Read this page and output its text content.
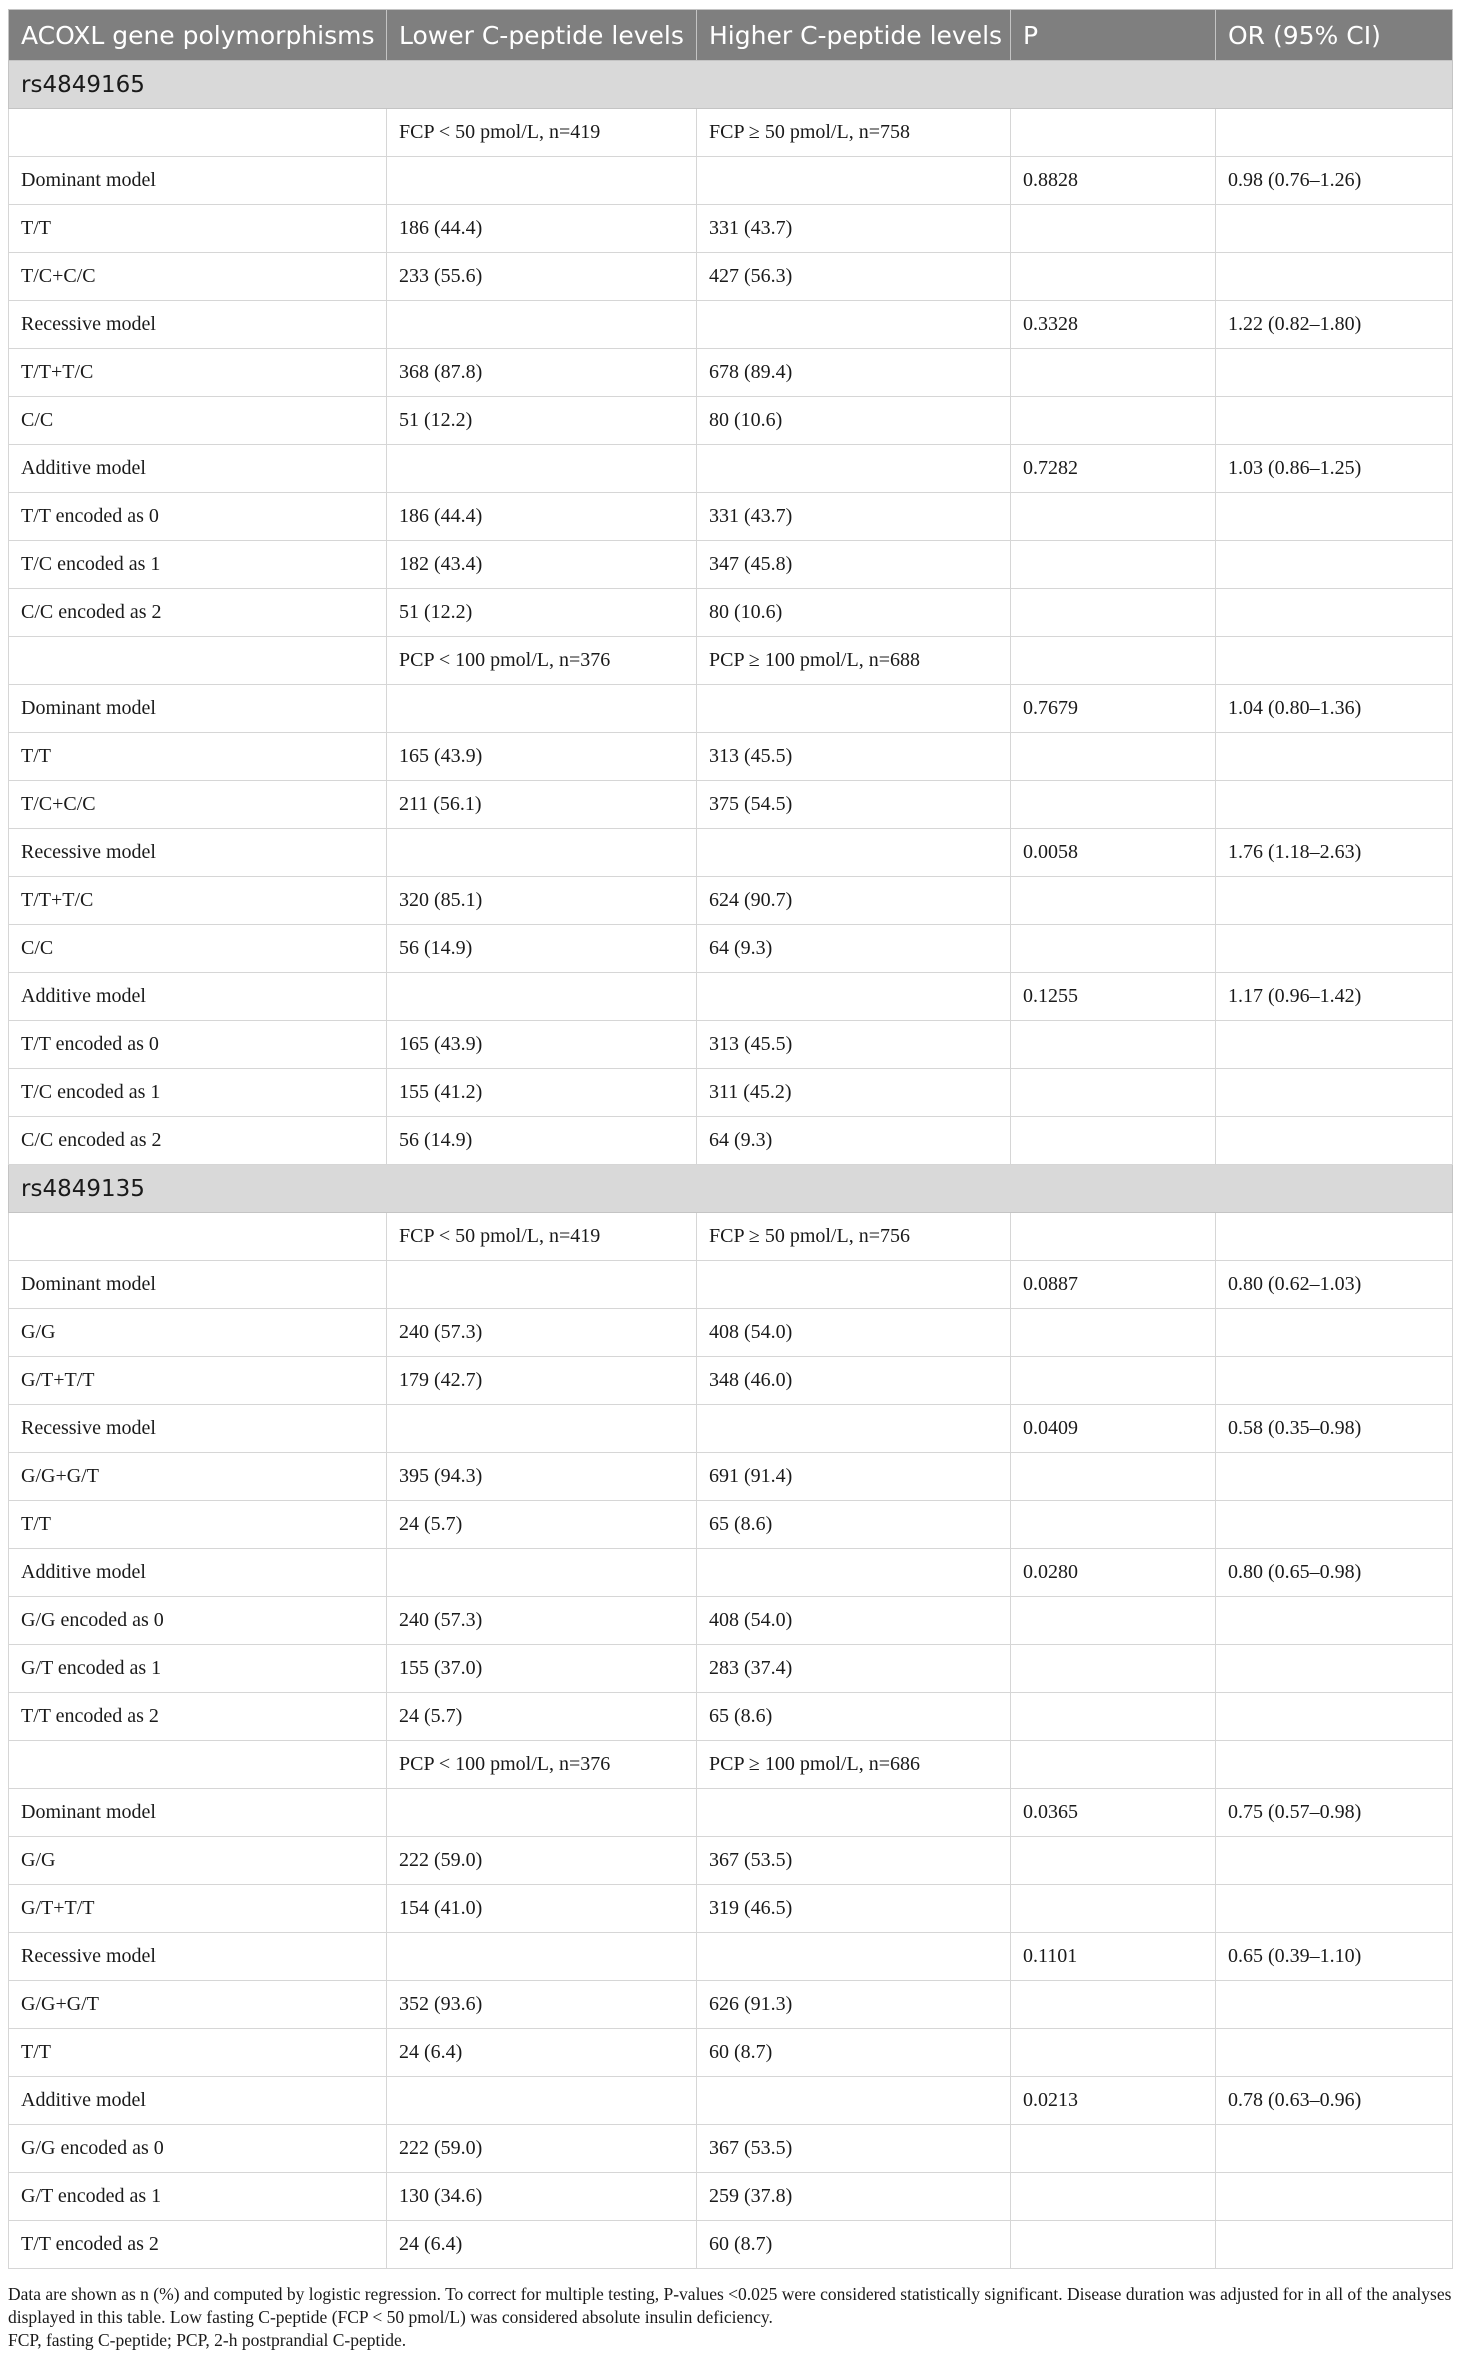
ACOXL gene polymorphisms	Lower C-peptide levels	Higher C-peptide levels	P	OR (95% CI)
rs4849165				
	FCP < 50 pmol/L, n=419	FCP ≥ 50 pmol/L, n=758		
Dominant model			0.8828	0.98 (0.76–1.26)
T/T	186 (44.4)	331 (43.7)		
T/C+C/C	233 (55.6)	427 (56.3)		
Recessive model			0.3328	1.22 (0.82–1.80)
T/T+T/C	368 (87.8)	678 (89.4)		
C/C	51 (12.2)	80 (10.6)		
Additive model			0.7282	1.03 (0.86–1.25)
T/T encoded as 0	186 (44.4)	331 (43.7)		
T/C encoded as 1	182 (43.4)	347 (45.8)		
C/C encoded as 2	51 (12.2)	80 (10.6)		
	PCP < 100 pmol/L, n=376	PCP ≥ 100 pmol/L, n=688		
Dominant model			0.7679	1.04 (0.80–1.36)
T/T	165 (43.9)	313 (45.5)		
T/C+C/C	211 (56.1)	375 (54.5)		
Recessive model			0.0058	1.76 (1.18–2.63)
T/T+T/C	320 (85.1)	624 (90.7)		
C/C	56 (14.9)	64 (9.3)		
Additive model			0.1255	1.17 (0.96–1.42)
T/T encoded as 0	165 (43.9)	313 (45.5)		
T/C encoded as 1	155 (41.2)	311 (45.2)		
C/C encoded as 2	56 (14.9)	64 (9.3)		
rs4849135				
	FCP < 50 pmol/L, n=419	FCP ≥ 50 pmol/L, n=756		
Dominant model			0.0887	0.80 (0.62–1.03)
G/G	240 (57.3)	408 (54.0)		
G/T+T/T	179 (42.7)	348 (46.0)		
Recessive model			0.0409	0.58 (0.35–0.98)
G/G+G/T	395 (94.3)	691 (91.4)		
T/T	24 (5.7)	65 (8.6)		
Additive model			0.0280	0.80 (0.65–0.98)
G/G encoded as 0	240 (57.3)	408 (54.0)		
G/T encoded as 1	155 (37.0)	283 (37.4)		
T/T encoded as 2	24 (5.7)	65 (8.6)		
	PCP < 100 pmol/L, n=376	PCP ≥ 100 pmol/L, n=686		
Dominant model			0.0365	0.75 (0.57–0.98)
G/G	222 (59.0)	367 (53.5)		
G/T+T/T	154 (41.0)	319 (46.5)		
Recessive model			0.1101	0.65 (0.39–1.10)
G/G+G/T	352 (93.6)	626 (91.3)		
T/T	24 (6.4)	60 (8.7)		
Additive model			0.0213	0.78 (0.63–0.96)
G/G encoded as 0	222 (59.0)	367 (53.5)		
G/T encoded as 1	130 (34.6)	259 (37.8)		
T/T encoded as 2	24 (6.4)	60 (8.7)		

Data are shown as n (%) and computed by logistic regression. To correct for multiple testing, P-values <0.025 were considered statistically significant. Disease duration was adjusted for in all of the analyses displayed in this table. Low fasting C-peptide (FCP < 50 pmol/L) was considered absolute insulin deficiency.

FCP, fasting C-peptide; PCP, 2-h postprandial C-peptide.
